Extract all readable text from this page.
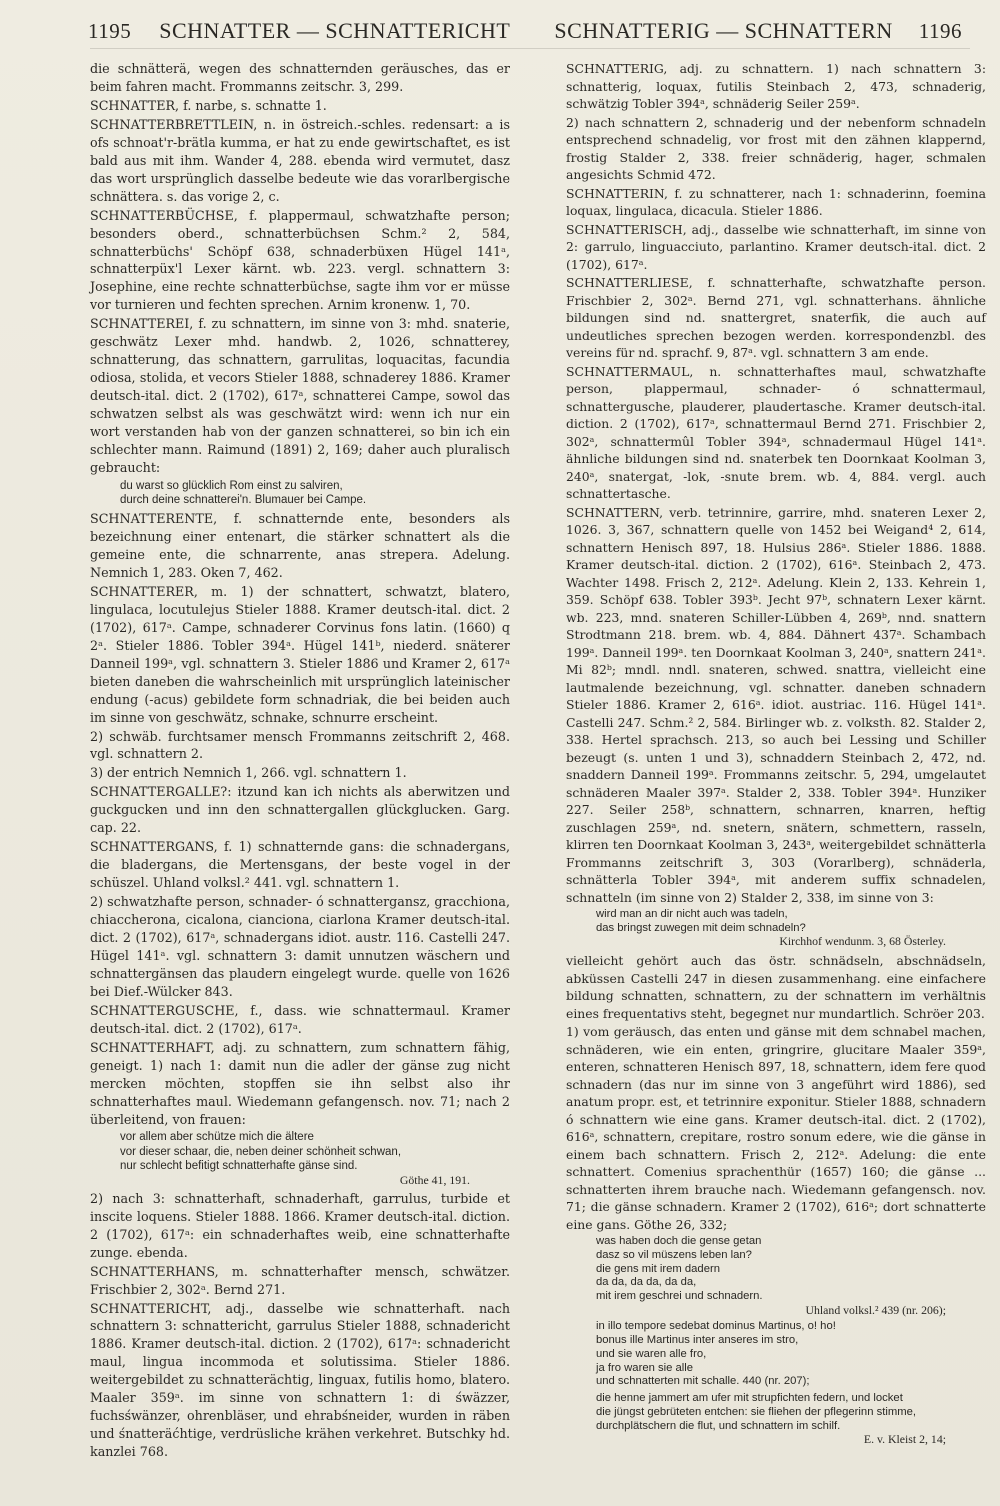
1195 SCHNATTER — SCHNATTERICHT SCHNATTERIG — SCHNATTERN 1196

die schnätterä, wegen des schnatternden geräusches, das er beim fahren macht. Frommanns zeitschr. 3, 299.

SCHNATTER, f. narbe, s. schnatte 1.

SCHNATTERBRETTLEIN, n. in östreich.-schles. redensart: a is ofs schnoat'r-brätla kumma, er hat zu ende gewirtschaftet, es ist bald aus mit ihm. Wander 4, 288. ebenda wird vermutet, dasz das wort ursprünglich dasselbe bedeute wie das vorarlbergische schnättera. s. das vorige 2, c.

SCHNATTERBÜCHSE, f. plappermaul, schwatzhafte person; besonders oberd., schnatterbüchsen Schm.² 2, 584, schnatterbüchs' Schöpf 638, schnaderbüxen Hügel 141ᵃ, schnatterpüx'l Lexer kärnt. wb. 223. vergl. schnattern 3: Josephine, eine rechte schnatterbüchse, sagte ihm vor er müsse vor turnieren und fechten sprechen. Arnim kronenw. 1, 70.

SCHNATTEREI, f. zu schnattern, im sinne von 3: mhd. snaterie, geschwätz Lexer mhd. handwb. 2, 1026, schnatterey, schnatterung, das schnattern, garrulitas, loquacitas, facundia odiosa, stolida, et vecors Stieler 1888, schnaderey 1886. Kramer deutsch-ital. dict. 2 (1702), 617ᵃ, schnatterei Campe, sowol das schwatzen selbst als was geschwätzt wird: wenn ich nur ein wort verstanden hab von der ganzen schnatterei, so bin ich ein schlechter mann. Raimund (1891) 2, 169; daher auch pluralisch gebraucht:

du warst so glücklich Rom einst zu salviren,
durch deine schnatterei'n. Blumauer bei Campe.

SCHNATTERENTE, f. schnatternde ente, besonders als bezeichnung einer entenart, die stärker schnattert als die gemeine ente, die schnarrente, anas strepera. Adelung. Nemnich 1, 283. Oken 7, 462.

SCHNATTERER, m. 1) der schnattert, schwatzt, blatero, lingulaca, locutulejus Stieler 1888. Kramer deutsch-ital. dict. 2 (1702), 617ᵃ. Campe, schnaderer Corvinus fons latin. (1660) q 2ᵃ. Stieler 1886. Tobler 394ᵃ. Hügel 141ᵇ, niederd. snäterer Danneil 199ᵃ, vgl. schnattern 3. Stieler 1886 und Kramer 2, 617ᵃ bieten daneben die wahrscheinlich mit ursprünglich lateinischer endung (-acus) gebildete form schnadriak, die bei beiden auch im sinne von geschwätz, schnake, schnurre erscheint.

2) schwäb. furchtsamer mensch Frommanns zeitschrift 2, 468. vgl. schnattern 2.

3) der entrich Nemnich 1, 266. vgl. schnattern 1.

SCHNATTERGALLE?: itzund kan ich nichts als aberwitzen und guckgucken und inn den schnattergallen glückglucken. Garg. cap. 22.

SCHNATTERGANS, f. 1) schnatternde gans: die schnadergans, die bladergans, die Mertensgans, der beste vogel in der schüszel. Uhland volksl.² 441. vgl. schnattern 1.

2) schwatzhafte person, schnader- ó schnattergansz, gracchiona, chiaccherona, cicalona, cianciona, ciarlona Kramer deutsch-ital. dict. 2 (1702), 617ᵃ, schnadergans idiot. austr. 116. Castelli 247. Hügel 141ᵃ. vgl. schnattern 3: damit unnutzen wäschern und schnattergänsen das plaudern eingelegt wurde. quelle von 1626 bei Dief.-Wülcker 843.

SCHNATTERGUSCHE, f., dass. wie schnattermaul. Kramer deutsch-ital. dict. 2 (1702), 617ᵃ.

SCHNATTERHAFT, adj. zu schnattern, zum schnattern fähig, geneigt. 1) nach 1: damit nun die adler der gänse zug nicht mercken möchten, stopffen sie ihn selbst also ihr schnatterhaftes maul. Wiedemann gefangensch. nov. 71; nach 2 überleitend, von frauen:

vor allem aber schütze mich die ältere
vor dieser schaar, die, neben deiner schönheit schwan,
nur schlecht befitigt schnatterhafte gänse sind.
Göthe 41, 191.

2) nach 3: schnatterhaft, schnaderhaft, garrulus, turbide et inscite loquens. Stieler 1888. 1866. Kramer deutsch-ital. diction. 2 (1702), 617ᵃ: ein schnaderhaftes weib, eine schnatterhafte zunge. ebenda.

SCHNATTERHANS, m. schnatterhafter mensch, schwätzer. Frischbier 2, 302ᵃ. Bernd 271.

SCHNATTERICHT, adj., dasselbe wie schnatterhaft. nach schnattern 3: schnattericht, garrulus Stieler 1888, schnadericht 1886. Kramer deutsch-ital. diction. 2 (1702), 617ᵃ: schnadericht maul, lingua incommoda et solutissima. Stieler 1886. weitergebildet zu schnatterächtig, linguax, futilis homo, blatero. Maaler 359ᵃ. im sinne von schnattern 1: di śwäzzer, fuchsśwänzer, ohrenbläser, und ehrabśneider, wurden in räben und śnatteräćhtige, verdrüsliche krähen verkehret. Butschky hd. kanzlei 768.

SCHNATTERIG, adj. zu schnattern. 1) nach schnattern 3: schnatterig, loquax, futilis Steinbach 2, 473, schnaderig, schwätzig Tobler 394ᵃ, schnäderig Seiler 259ᵃ.

2) nach schnattern 2, schnaderig und der nebenform schnadeln entsprechend schnadelig, vor frost mit den zähnen klappernd, frostig Stalder 2, 338. freier schnäderig, hager, schmalen angesichts Schmid 472.

SCHNATTERIN, f. zu schnatterer, nach 1: schnaderinn, foemina loquax, lingulaca, dicacula. Stieler 1886.

SCHNATTERISCH, adj., dasselbe wie schnatterhaft, im sinne von 2: garrulo, linguacciuto, parlantino. Kramer deutsch-ital. dict. 2 (1702), 617ᵃ.

SCHNATTERLIESE, f. schnatterhafte, schwatzhafte person. Frischbier 2, 302ᵃ. Bernd 271, vgl. schnatterhans. ähnliche bildungen sind nd. snattergret, snaterfik, die auch auf undeutliches sprechen bezogen werden. korrespondenzbl. des vereins für nd. sprachf. 9, 87ᵃ. vgl. schnattern 3 am ende.

SCHNATTERMAUL, n. schnatterhaftes maul, schwatzhafte person, plappermaul, schnader- ó schnattermaul, schnattergusche, plauderer, plaudertasche. Kramer deutsch-ital. diction. 2 (1702), 617ᵃ, schnattermaul Bernd 271. Frischbier 2, 302ᵃ, schnattermûl Tobler 394ᵃ, schnadermaul Hügel 141ᵃ. ähnliche bildungen sind nd. snaterbek ten Doornkaat Koolman 3, 240ᵃ, snatergat, -lok, -snute brem. wb. 4, 884. vergl. auch schnattertasche.

SCHNATTERN, verb. tetrinnire, garrire, mhd. snateren Lexer 2, 1026. 3, 367, schnattern quelle von 1452 bei Weigand⁴ 2, 614, schnattern Henisch 897, 18. Hulsius 286ᵃ. Stieler 1886. 1888. Kramer deutsch-ital. diction. 2 (1702), 616ᵃ. Steinbach 2, 473. Wachter 1498. Frisch 2, 212ᵃ. Adelung. Klein 2, 133. Kehrein 1, 359. Schöpf 638. Tobler 393ᵇ. Jecht 97ᵇ, schnatern Lexer kärnt. wb. 223, mnd. snateren Schiller-Lübben 4, 269ᵇ, nnd. snattern Strodtmann 218. brem. wb. 4, 884. Dähnert 437ᵃ. Schambach 199ᵃ. Danneil 199ᵃ. ten Doornkaat Koolman 3, 240ᵃ, snattern 241ᵃ. Mi 82ᵇ; mndl. nndl. snateren, schwed. snattra, vielleicht eine lautmalende bezeichnung, vgl. schnatter. daneben schnadern Stieler 1886. Kramer 2, 616ᵃ. idiot. austriac. 116. Hügel 141ᵃ. Castelli 247. Schm.² 2, 584. Birlinger wb. z. volksth. 82. Stalder 2, 338. Hertel sprachsch. 213, so auch bei Lessing und Schiller bezeugt (s. unten 1 und 3), schnaddern Steinbach 2, 472, nd. snaddern Danneil 199ᵃ. Frommanns zeitschr. 5, 294, umgelautet schnäderen Maaler 397ᵃ. Stalder 2, 338. Tobler 394ᵃ. Hunziker 227. Seiler 258ᵇ, schnattern, schnarren, knarren, heftig zuschlagen 259ᵃ, nd. snetern, snätern, schmettern, rasseln, klirren ten Doornkaat Koolman 3, 243ᵃ, weitergebildet schnätterla Frommanns zeitschrift 3, 303 (Vorarlberg), schnäderla, schnätterla Tobler 394ᵃ, mit anderem suffix schnadelen, schnatteln (im sinne von 2) Stalder 2, 338, im sinne von 3:

wird man an dir nicht auch was tadeln,
das bringst zuwegen mit deim schnadeln?
Kirchhof wendunm. 3, 68 Österley.

vielleicht gehört auch das östr. schnädseln, abschnädseln, abküssen Castelli 247 in diesen zusammenhang. eine einfachere bildung schnatten, schnattern, zu der schnattern im verhältnis eines frequentativs steht, begegnet nur mundartlich. Schröer 203.

1) vom geräusch, das enten und gänse mit dem schnabel machen, schnäderen, wie ein enten, gringrire, glucitare Maaler 359ᵃ, enteren, schnatteren Henisch 897, 18, schnattern, idem fere quod schnadern (das nur im sinne von 3 angeführt wird 1886), sed anatum propr. est, et tetrinnire exponitur. Stieler 1888, schnadern ó schnattern wie eine gans. Kramer deutsch-ital. dict. 2 (1702), 616ᵃ, schnattern, crepitare, rostro sonum edere, wie die gänse in einem bach schnattern. Frisch 2, 212ᵃ. Adelung: die ente schnattert. Comenius sprachenthür (1657) 160; die gänse ... schnatterten ihrem brauche nach. Wiedemann gefangensch. nov. 71; die gänse schnadern. Kramer 2 (1702), 616ᵃ; dort schnatterte eine gans. Göthe 26, 332;

was haben doch die gense getan
dasz so vil müszens leben lan?
die gens mit irem dadern
da da, da da, da da,
mit irem geschrei und schnadern.
Uhland volksl.² 439 (nr. 206);
in illo tempore sedebat dominus Martinus, o! ho!
bonus ille Martinus inter anseres im stro,
und sie waren alle fro,
ja fro waren sie alle
und schnatterten mit schalle. 440 (nr. 207);
die henne jammert am ufer mit strupfichten federn, und locket
die jüngst gebrüteten entchen: sie fliehen der pflegerinn stimme,
durchplätschern die flut, und schnattern im schilf.
E. v. Kleist 2, 14;
